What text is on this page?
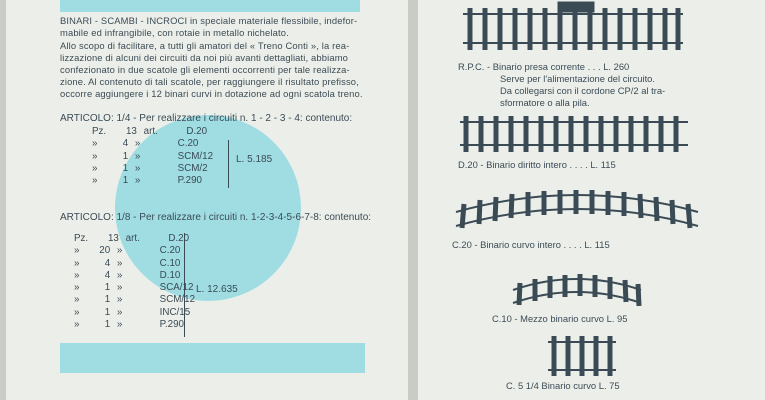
BINARI - SCAMBI - INCROCI in speciale materiale flessibile, indefor-
mabile ed infrangibile, con rotaie in metallo nichelato.
Allo scopo di facilitare, a tutti gli amatori del « Treno Conti », la rea-
lizzazione di alcuni dei circuiti da noi più avanti dettagliati, abbiamo
confezionato in due scatole gli elementi occorrenti per tale realizza-
zione. Al contenuto di tali scatole, per raggiungere il risultato prefisso,
occorre aggiungere i 12 binari curvi in dotazione ad ogni scatola treno.
ARTICOLO: 1/4 - Per realizzare i circuiti n. 1 - 2 - 3 - 4: contenuto:
Pz. 13 art.	D.20
»	4 »	C.20
»	1 »	SCM/12
»	1 »	SCM/2
»	1 »	P.290
L. 5.185
ARTICOLO: 1/8 - Per realizzare i circuiti n. 1-2-3-4-5-6-7-8: contenuto:
Pz. 13 art.	D.20
» 20 »	C.20
»	4 »	C.10
»	4 »	D.10
»	1 »	SCA/12
»	1 »	SCM/12
»	1 »	INC/15
»	1 »	P.290
L. 12.635
R.P.C. - Binario presa corrente . . . L. 260
Serve per l'alimentazione del circuito.
Da collegarsi con il cordone CP/2 al tra-
sformatore o alla pila.
D.20 - Binario diritto intero . . . . L. 115
C.20 - Binario curvo intero . . . . L. 115
C.10 - Mezzo binario curvo L. 95
C. 5 1/4 Binario curvo L. 75
